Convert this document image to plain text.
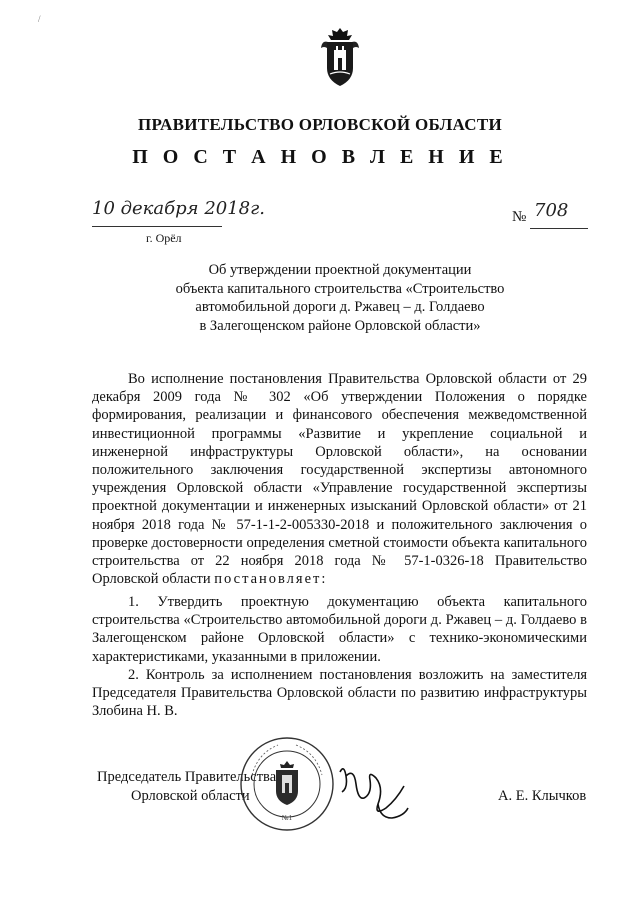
/
ПРАВИТЕЛЬСТВО ОРЛОВСКОЙ ОБЛАСТИ
П О С Т А Н О В Л Е Н И Е
10 декабря 2018г.
г. Орёл
№ 708
Об утверждении проектной документации
объекта капитального строительства «Строительство
автомобильной дороги д. Ржавец – д. Голдаево
в Залегощенском районе Орловской области»
Во исполнение постановления Правительства Орловской области от 29 декабря 2009 года № 302 «Об утверждении Положения о порядке формирования, реализации и финансового обеспечения межведомственной инвестиционной программы «Развитие и укрепление социальной и инженерной инфраструктуры Орловской области», на основании положительного заключения государственной экспертизы автономного учреждения Орловской области «Управление государственной экспертизы проектной документации и инженерных изысканий Орловской области» от 21 ноября 2018 года № 57-1-1-2-005330-2018 и положительного заключения о проверке достоверности определения сметной стоимости объекта капитального строительства от 22 ноября 2018 года № 57-1-0326-18 Правительство Орловской области постановляет:
1. Утвердить проектную документацию объекта капитального строительства «Строительство автомобильной дороги д. Ржавец – д. Голдаево в Залегощенском районе Орловской области» с технико-экономическими характеристиками, указанными в приложении.
2. Контроль за исполнением постановления возложить на заместителя Председателя Правительства Орловской области по развитию инфраструктуры Злобина Н. В.
Председатель Правительства
Орловской области	А. Е. Клычков
№1
